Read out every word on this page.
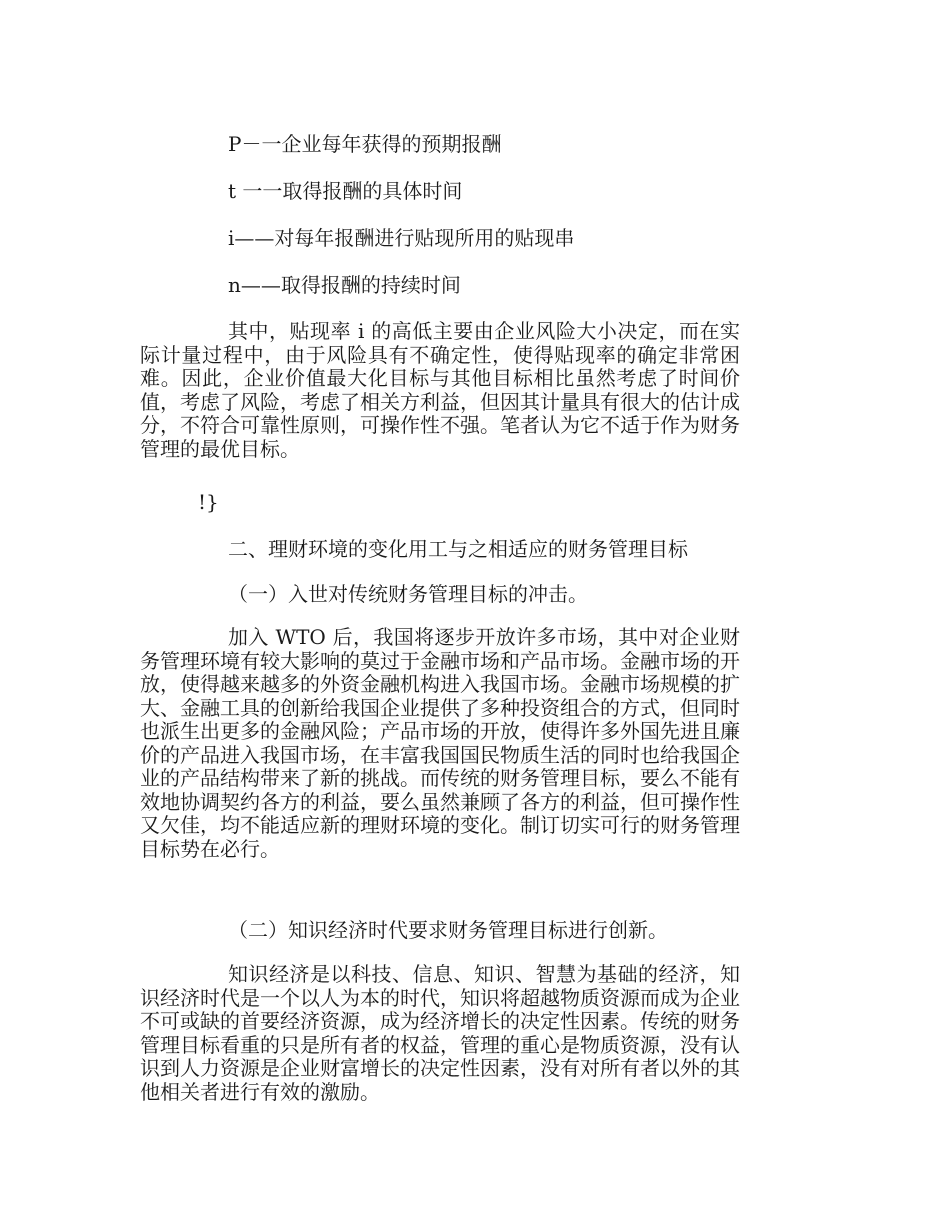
P－一企业每年获得的预期报酬
t 一一取得报酬的具体时间
i——对每年报酬进行贴现所用的贴现串
n——取得报酬的持续时间
其中，贴现率 i 的高低主要由企业风险大小决定，而在实际计量过程中，由于风险具有不确定性，使得贴现率的确定非常困难。因此，企业价值最大化目标与其他目标相比虽然考虑了时间价值，考虑了风险，考虑了相关方利益，但因其计量具有很大的估计成分，不符合可靠性原则，可操作性不强。笔者认为它不适于作为财务管理的最优目标。
!}
二、理财环境的变化用工与之相适应的财务管理目标
（一）入世对传统财务管理目标的冲击。
加入 WTO 后，我国将逐步开放许多市场，其中对企业财务管理环境有较大影响的莫过于金融市场和产品市场。金融市场的开放，使得越来越多的外资金融机构进入我国市场。金融市场规模的扩大、金融工具的创新给我国企业提供了多种投资组合的方式，但同时也派生出更多的金融风险；产品市场的开放，使得许多外国先进且廉价的产品进入我国市场，在丰富我国国民物质生活的同时也给我国企业的产品结构带来了新的挑战。而传统的财务管理目标，要么不能有效地协调契约各方的利益，要么虽然兼顾了各方的利益，但可操作性又欠佳，均不能适应新的理财环境的变化。制订切实可行的财务管理目标势在必行。
（二）知识经济时代要求财务管理目标进行创新。
知识经济是以科技、信息、知识、智慧为基础的经济，知识经济时代是一个以人为本的时代，知识将超越物质资源而成为企业不可或缺的首要经济资源，成为经济增长的决定性因素。传统的财务管理目标看重的只是所有者的权益，管理的重心是物质资源，没有认识到人力资源是企业财富增长的决定性因素，没有对所有者以外的其他相关者进行有效的激励。
